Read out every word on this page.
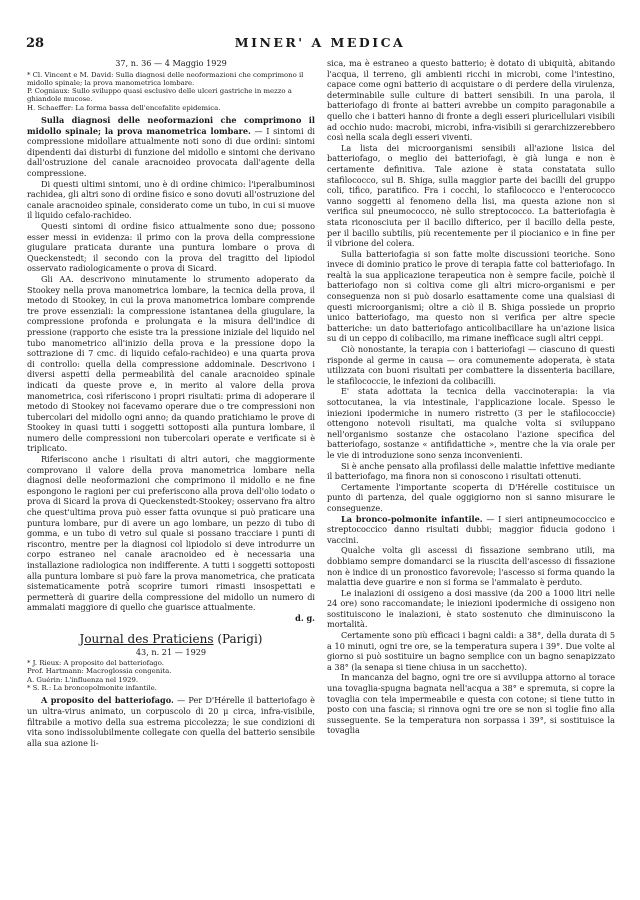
28	MINER' A MEDICA
37, n. 36 — 4 Maggio 1929
* Cl. Vincent e M. David: Sulla diagnosi delle neoformazioni che comprimono il midollo spinale; la prova manometrica lombare.
P. Cogniaux: Sullo sviluppo quasi esclusivo delle ulceri gastriche in mezzo a ghiandole mucose.
H. Schaeffer: La forma bassa dell'encefalite epidemica.

Sulla diagnosi delle neoformazioni che comprimono il midollo spinale; la prova manometrica lombare. — I sintomi di compressione midollare attualmente noti sono di due ordini: sintomi dipendenti dai disturbi di funzione del midollo e sintomi che derivano dall'ostruzione del canale aracnoideo provocata dall'agente della compressione.

Di questi ultimi sintomi, uno è di ordine chimico: l'iperalbuminosi rachidea, gli altri sono di ordine fisico e sono dovuti all'ostruzione del canale aracnoideo spinale, considerato come un tubo, in cui si muove il liquido cefalo-rachideo.

Questi sintomi di ordine fisico attualmente sono due; possono esser messi in evidenza: il primo con la prova della compressione giugulare praticata durante una puntura lombare o prova di Queckenstedt; il secondo con la prova del tragitto del lipiodol osservato radiologicamente o prova di Sicard.

Gli AA. descrivono minutamente lo strumento adoperato da Stookey nella prova manometrica lombare, la tecnica della prova, il metodo di Stookey, in cui la prova manometrica lombare comprende tre prove essenziali: la compressione istantanea della giugulare, la compressione profonda e prolungata e la misura dell'indice di pressione (rapporto che esiste tra la pressione iniziale del liquido nel tubo manometrico all'inizio della prova e la pressione dopo la sottrazione di 7 cmc. di liquido cefalo-rachideo) e una quarta prova di controllo: quella della compressione addominale. Descrivono i diversi aspetti della permeabilità del canale aracnoideo spinale indicati da queste prove e, in merito al valore della prova manometrica, così riferiscono i propri risultati: prima di adoperare il metodo di Stookey noi facevamo operare due o tre compressioni non tubercolari del midollo ogni anno; da quando pratichiamo le prove di Stookey in quasi tutti i soggetti sottoposti alla puntura lombare, il numero delle compressioni non tubercolari operate e verificate si è triplicato.

Riferiscono anche i risultati di altri autori, che maggiormente comprovano il valore della prova manometrica lombare nella diagnosi delle neoformazioni che comprimono il midollo e ne fine espongono le ragioni per cui preferiscono alla prova dell'olio iodato o prova di Sicard la prova di Queckenstedt-Stookey; osservano fra altro che quest'ultima prova può esser fatta ovunque si può praticare una puntura lombare, pur di avere un ago lombare, un pezzo di tubo di gomma, e un tubo di vetro sul quale si possano tracciare i punti di riscontro, mentre per la diagnosi col lipiodolo si deve introdurre un corpo estraneo nel canale aracnoideo ed è necessaria una installazione radiologica non indifferente. A tutti i soggetti sottoposti alla puntura lombare si può fare la prova manometrica, che praticata sistematicamente potrà scoprire tumori rimasti insospettati e permetterà di guarire della compressione del midollo un numero di ammalati maggiore di quello che guarisce attualmente.

d. g.
Journal des Praticiens (Parigi)
43, n. 21 — 1929
* J. Rieux: A proposito del batteriofago.
Prof. Hartmann: Macroglossia congenita.
A. Guérin: L'influenza nel 1929.
* S. R.: La broncopolmonite infantile.

A proposito del batteriofago. — Per D'Hérelle il batteriofago è un ultra-virus animato, un corpuscolo di 20 μ circa, infra-visibile, filtrabile a motivo della sua estrema piccolezza; le sue condizioni di vita sono indissolubilmente collegate con quella del batterio sensibile alla sua azione li-

sica, ma è estraneo a questo batterio; è dotato di ubiquità, abitando l'acqua, il terreno, gli ambienti ricchi in microbi, come l'intestino, capace come ogni batterio di acquistare o di perdere della virulenza, determinabile sulle culture di batteri sensibili. In una parola, il batteriofago di fronte ai batteri avrebbe un compito paragonabile a quello che i batteri hanno di fronte a degli esseri pluricellulari visibili ad occhio nudo: macrobi, microbi, infra-visibili si gerarchizzerebbero così nella scala degli esseri viventi.

La lista dei microorganismi sensibili all'azione lisica del batteriofago, o meglio dei batteriofagi, è già lunga e non è certamente definitiva. Tale azione è stata constatata sullo stafilococco, sul B. Shiga, sulla maggior parte dei bacilli del gruppo coli, tifico, paratifico. Fra i cocchi, lo stafilococco e l'enterococco vanno soggetti al fenomeno della lisi, ma questa azione non si verifica sul pneumococco, nè sullo streptococco. La batteriofagia è stata riconosciuta per il bacillo difterico, per il bacillo della peste, per il bacillo subtilis, più recentemente per il piocianico e in fine per il vibrione del colera.

Sulla batteriofagia si son fatte molte discussioni teoriche. Sono invece di dominio pratico le prove di terapia fatte col batteriofago. In realtà la sua applicazione terapeutica non è sempre facile, poichè il batteriofago non si coltiva come gli altri micro-organismi e per conseguenza non si può dosarlo esattamente come una qualsiasi di questi microorganismi; oltre a ciò il B. Shiga possiede un proprio unico batteriofago, ma questo non si verifica per altre specie batteriche: un dato batteriofago anticolibacillare ha un'azione lisica su di un ceppo di colibacillo, ma rimane inefficace sugli altri ceppi.

Ciò nonostante, la terapia con i batteriofagi — ciascuno di questi risponde al germe in causa — ora comunemente adoperata, è stata utilizzata con buoni risultati per combattere la dissenteria bacillare, le stafilococcie, le infezioni da colibacilli.

E' stata adottata la tecnica della vaccinoterapia: la via sottocutanea, la via intestinale, l'applicazione locale. Spesso le iniezioni ipodermiche in numero ristretto (3 per le stafilococcie) ottengono notevoli risultati, ma qualche volta si sviluppano nell'organismo sostanze che ostacolano l'azione specifica del batteriofago, sostanze « antifidattiche », mentre che la via orale per le vie di introduzione sono senza inconvenienti.

Si è anche pensato alla profilassi delle malattie infettive mediante il batteriofago, ma finora non si conoscono i risultati ottenuti.

Certamente l'importante scoperta di D'Hérelle costituisce un punto di partenza, del quale oggigiorno non si sanno misurare le conseguenze.

La bronco-polmonite infantile. — I sieri antipneumococcico e streptococcico danno risultati dubbi; maggior fiducia godono i vaccini.

Qualche volta gli ascessi di fissazione sembrano utili, ma dobbiamo sempre domandarci se la riuscita dell'ascesso di fissazione non è indice di un pronostico favorevole; l'ascesso si forma quando la malattia deve guarire e non si forma se l'ammalato è perduto.

Le inalazioni di ossigeno a dosi massive (da 200 a 1000 litri nelle 24 ore) sono raccomandate; le iniezioni ipodermiche di ossigeno non sostituiscono le inalazioni, è stato sostenuto che diminuiscono la mortalità.

Certamente sono più efficaci i bagni caldi: a 38°, della durata di 5 a 10 minuti, ogni tre ore, se la temperatura supera i 39°. Due volte al giorno si può sostituire un bagno semplice con un bagno senapizzato a 38° (la senapa si tiene chiusa in un sacchetto).

In mancanza del bagno, ogni tre ore si avviluppa attorno al torace una tovaglia-spugna bagnata nell'acqua a 38° e spremuta, si copre la tovaglia con tela impermeabile e questa con cotone; si tiene tutto in posto con una fascia; si rinnova ogni tre ore se non si toglie fino alla susseguente. Se la temperatura non sorpassa i 39°, si sostituisce la tovaglia
